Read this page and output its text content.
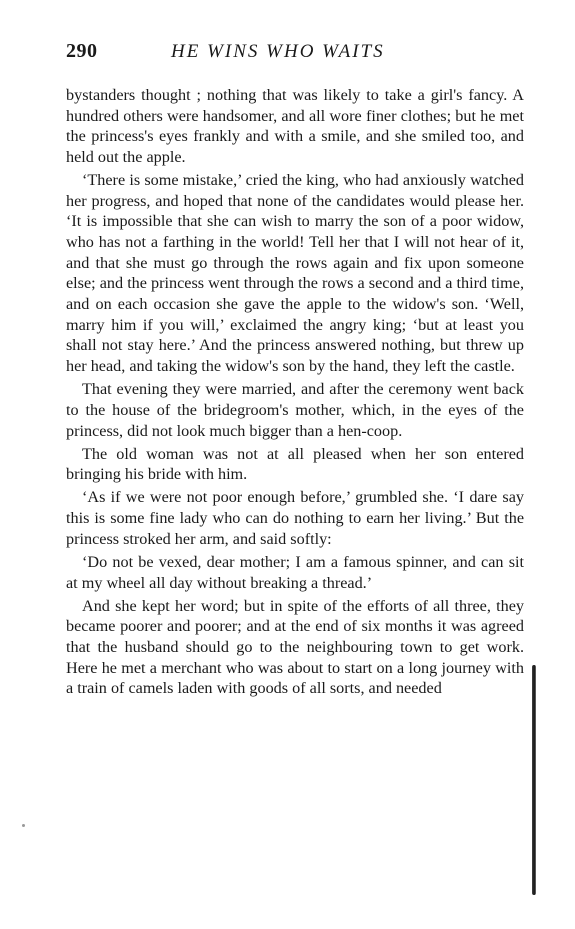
290	HE WINS WHO WAITS

bystanders thought ; nothing that was likely to take a girl's fancy. A hundred others were handsomer, and all wore finer clothes; but he met the princess's eyes frankly and with a smile, and she smiled too, and held out the apple.

‘There is some mistake,’ cried the king, who had anxiously watched her progress, and hoped that none of the candidates would please her. ‘It is impossible that she can wish to marry the son of a poor widow, who has not a farthing in the world! Tell her that I will not hear of it, and that she must go through the rows again and fix upon someone else; and the princess went through the rows a second and a third time, and on each occasion she gave the apple to the widow's son. ‘Well, marry him if you will,’ exclaimed the angry king; ‘but at least you shall not stay here.’ And the princess answered nothing, but threw up her head, and taking the widow's son by the hand, they left the castle.

That evening they were married, and after the ceremony went back to the house of the bridegroom's mother, which, in the eyes of the princess, did not look much bigger than a hen-coop.

The old woman was not at all pleased when her son entered bringing his bride with him.

‘As if we were not poor enough before,’ grumbled she. ‘I dare say this is some fine lady who can do nothing to earn her living.’ But the princess stroked her arm, and said softly:

‘Do not be vexed, dear mother; I am a famous spinner, and can sit at my wheel all day without breaking a thread.’

And she kept her word; but in spite of the efforts of all three, they became poorer and poorer; and at the end of six months it was agreed that the husband should go to the neighbouring town to get work. Here he met a merchant who was about to start on a long journey with a train of camels laden with goods of all sorts, and needed
